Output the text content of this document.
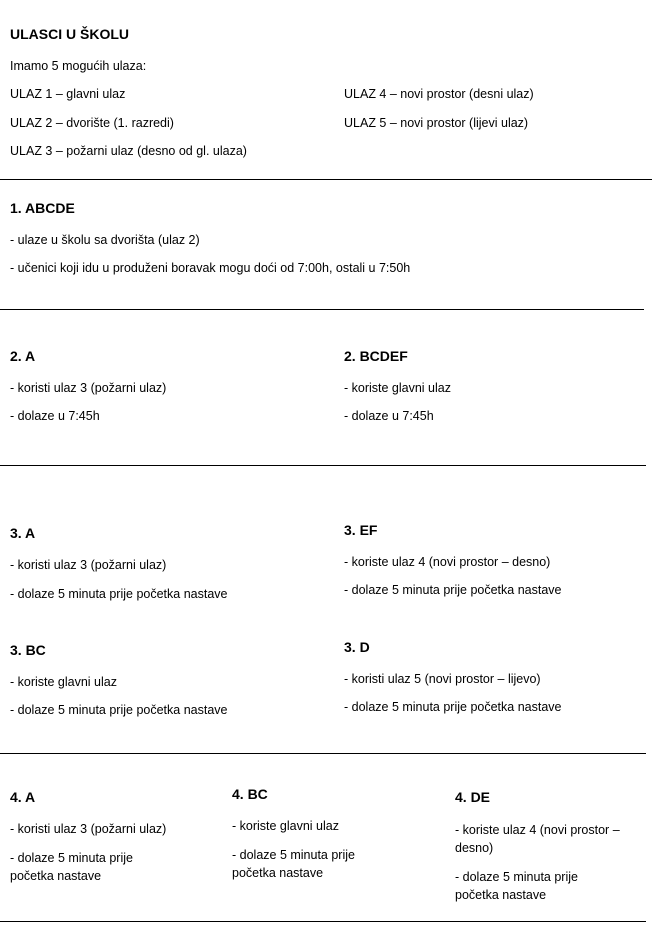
ULASCI U ŠKOLU
Imamo 5 mogućih ulaza:
ULAZ 1 – glavni ulaz
ULAZ 2 – dvorište (1. razredi)
ULAZ 3 – požarni ulaz (desno od gl. ulaza)
ULAZ 4 – novi prostor (desni ulaz)
ULAZ 5 – novi prostor (lijevi ulaz)
1. ABCDE
- ulaze u školu sa dvorišta (ulaz 2)
- učenici koji idu u produženi boravak mogu doći od 7:00h, ostali u 7:50h
2. A
- koristi ulaz 3 (požarni ulaz)
- dolaze u 7:45h
2. BCDEF
- koriste glavni ulaz
- dolaze u 7:45h
3. A
- koristi ulaz 3 (požarni ulaz)
- dolaze 5 minuta prije početka nastave
3. EF
- koriste ulaz 4 (novi prostor – desno)
- dolaze 5 minuta prije početka nastave
3. BC
- koriste glavni ulaz
- dolaze 5 minuta prije početka nastave
3. D
- koristi ulaz 5 (novi prostor – lijevo)
- dolaze 5 minuta prije početka nastave
4. A
- koristi ulaz 3 (požarni ulaz)
- dolaze 5 minuta prije početka nastave
4. BC
- koriste glavni ulaz
- dolaze 5 minuta prije početka nastave
4. DE
- koriste ulaz 4 (novi prostor – desno)
- dolaze 5 minuta prije početka nastave
